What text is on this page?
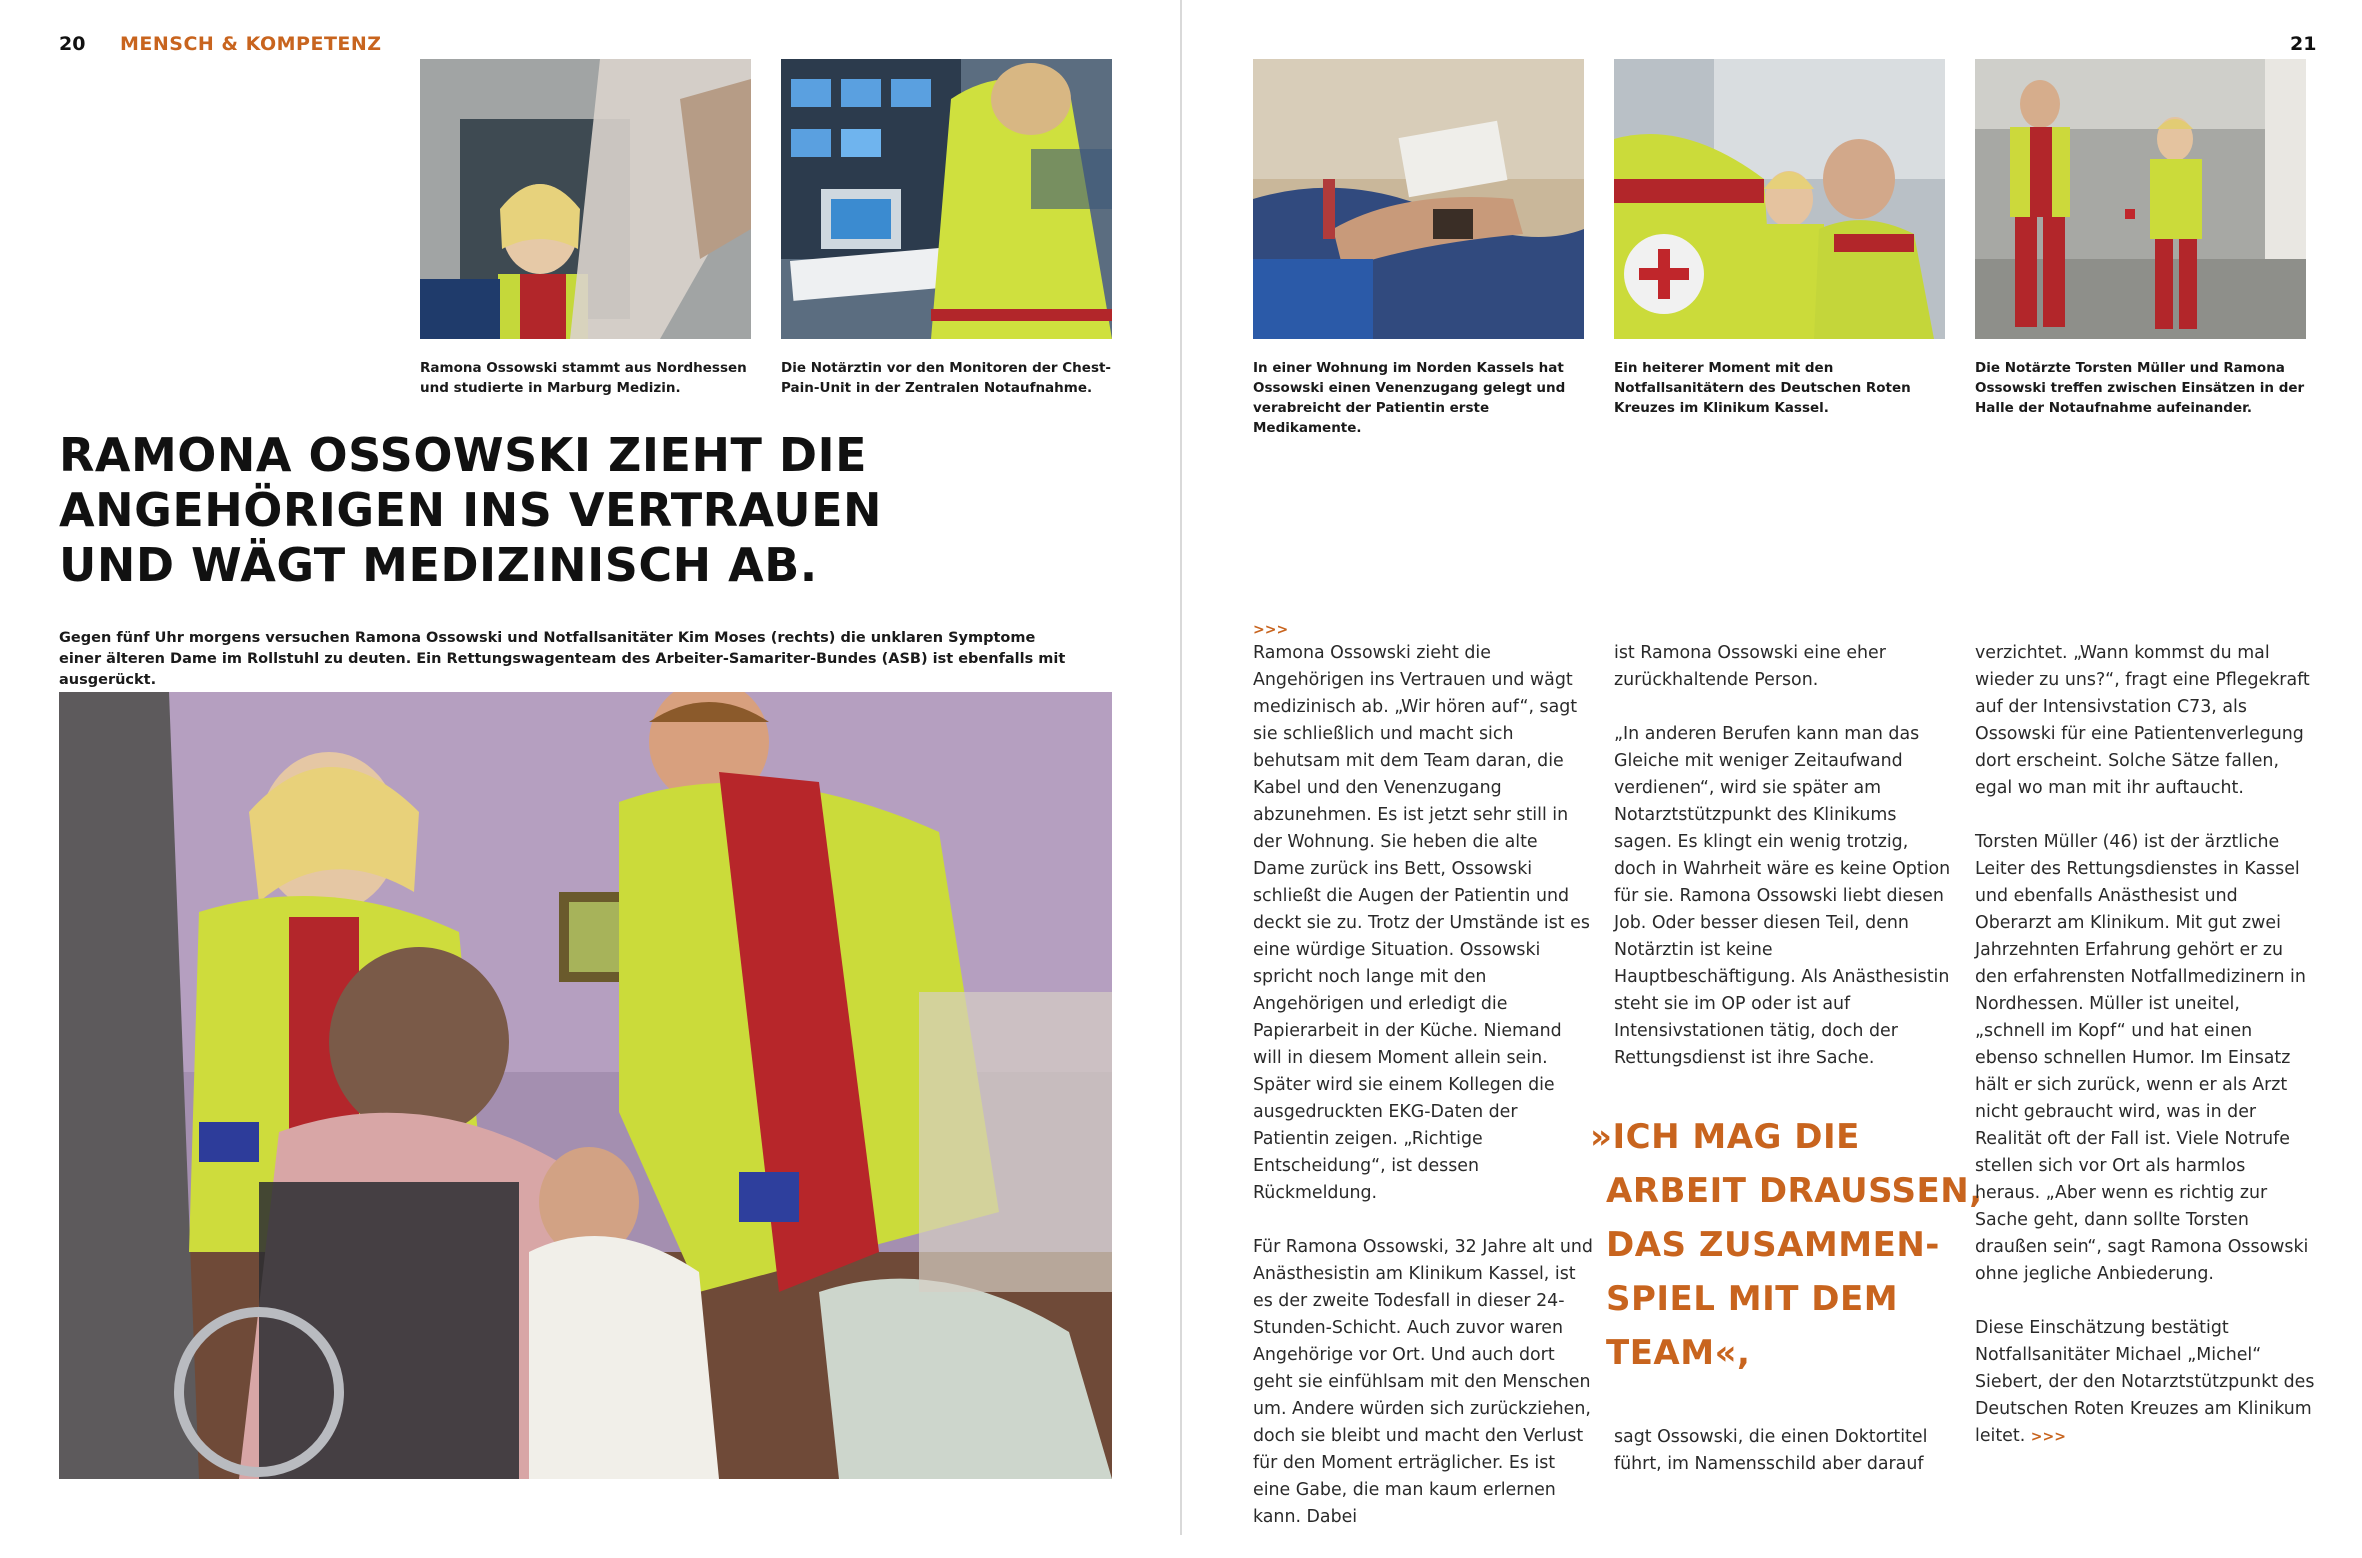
20 MENSCH & KOMPETENZ	21
Ramona Ossowski stammt aus Nordhessen und studierte in Marburg Medizin.
Die Notärztin vor den Monitoren der Chest-Pain-Unit in der Zentralen Notaufnahme.
In einer Wohnung im Norden Kassels hat Ossowski einen Venenzugang gelegt und verabreicht der Patientin erste Medikamente.
Ein heiterer Moment mit den Notfallsanitätern des Deutschen Roten Kreuzes im Klinikum Kassel.
Die Notärzte Torsten Müller und Ramona Ossowski treffen zwischen Einsätzen in der Halle der Notaufnahme aufeinander.
RAMONA OSSOWSKI ZIEHT DIE
ANGEHÖRIGEN INS VERTRAUEN
UND WÄGT MEDIZINISCH AB.
Gegen fünf Uhr morgens versuchen Ramona Ossowski und Notfallsanitäter Kim Moses (rechts) die unklaren Symptome einer älteren Dame im Rollstuhl zu deuten. Ein Rettungswagenteam des Arbeiter-Samariter-Bundes (ASB) ist ebenfalls mit ausgerückt.
>>>

Ramona Ossowski zieht die Angehörigen ins Vertrauen und wägt medizinisch ab. „Wir hören auf“, sagt sie schließlich und macht sich behutsam mit dem Team daran, die Kabel und den Venenzugang abzunehmen. Es ist jetzt sehr still in der Wohnung. Sie heben die alte Dame zurück ins Bett, Ossowski schließt die Augen der Patientin und deckt sie zu. Trotz der Umstände ist es eine würdige Situation. Ossowski spricht noch lange mit den Angehörigen und erledigt die Papierarbeit in der Küche. Niemand will in diesem Moment allein sein. Später wird sie einem Kollegen die ausgedruckten EKG-Daten der Patientin zeigen. „Richtige Entscheidung“, ist dessen Rückmeldung.

Für Ramona Ossowski, 32 Jahre alt und Anästhesistin am Klinikum Kassel, ist es der zweite Todesfall in dieser 24-Stunden-Schicht. Auch zuvor waren Angehörige vor Ort. Und auch dort geht sie einfühlsam mit den Menschen um. Andere würden sich zurückziehen, doch sie bleibt und macht den Verlust für den Moment erträglicher. Es ist eine Gabe, die man kaum erlernen kann. Dabei

ist Ramona Ossowski eine eher zurückhaltende Person.

„In anderen Berufen kann man das Gleiche mit weniger Zeitaufwand verdienen“, wird sie später am Notarztstützpunkt des Klinikums sagen. Es klingt ein wenig trotzig, doch in Wahrheit wäre es keine Option für sie. Ramona Ossowski liebt diesen Job. Oder besser diesen Teil, denn Notärztin ist keine Hauptbeschäftigung. Als Anästhesistin steht sie im OP oder ist auf Intensivstationen tätig, doch der Rettungsdienst ist ihre Sache.

»ICH MAG DIE
ARBEIT DRAUSSEN,
DAS ZUSAMMEN-
SPIEL MIT DEM
TEAM«,

sagt Ossowski, die einen Doktortitel führt, im Namensschild aber darauf

verzichtet. „Wann kommst du mal wieder zu uns?“, fragt eine Pflegekraft auf der Intensivstation C73, als Ossowski für eine Patientenverlegung dort erscheint. Solche Sätze fallen, egal wo man mit ihr auftaucht.

Torsten Müller (46) ist der ärztliche Leiter des Rettungsdienstes in Kassel und ebenfalls Anästhesist und Oberarzt am Klinikum. Mit gut zwei Jahrzehnten Erfahrung gehört er zu den erfahrensten Notfallmedizinern in Nordhessen. Müller ist uneitel, „schnell im Kopf“ und hat einen ebenso schnellen Humor. Im Einsatz hält er sich zurück, wenn er als Arzt nicht gebraucht wird, was in der Realität oft der Fall ist. Viele Notrufe stellen sich vor Ort als harmlos heraus. „Aber wenn es richtig zur Sache geht, dann sollte Torsten draußen sein“, sagt Ramona Ossowski ohne jegliche Anbiederung.

Diese Einschätzung bestätigt Notfallsanitäter Michael „Michel“ Siebert, der den Notarztstützpunkt des Deutschen Roten Kreuzes am Klinikum leitet. >>>
